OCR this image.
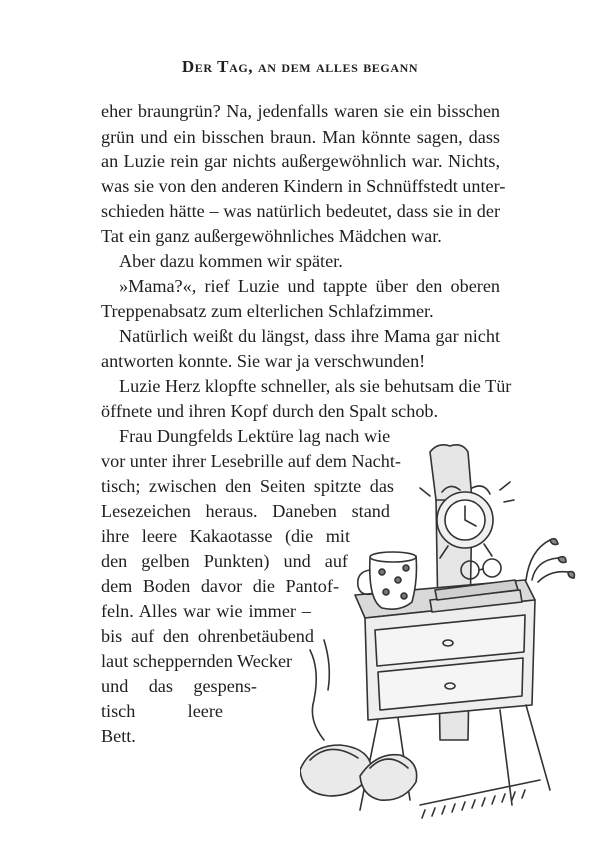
Der Tag, an dem alles begann
eher braungrün? Na, jedenfalls waren sie ein bisschen
grün und ein bisschen braun. Man könnte sagen, dass
an Luzie rein gar nichts außergewöhnlich war. Nichts,
was sie von den anderen Kindern in Schnüffstedt unter-
schieden hätte – was natürlich bedeutet, dass sie in der
Tat ein ganz außergewöhnliches Mädchen war.
Aber dazu kommen wir später.
»Mama?«, rief Luzie und tappte über den oberen
Treppenabsatz zum elterlichen Schlafzimmer.
Natürlich weißt du längst, dass ihre Mama gar nicht
antworten konnte. Sie war ja verschwunden!
Luzie Herz klopfte schneller, als sie behutsam die Tür
öffnete und ihren Kopf durch den Spalt schob.
Frau Dungfelds Lektüre lag nach wie
vor unter ihrer Lesebrille auf dem Nacht-
tisch; zwischen den Seiten spitzte das
Lesezeichen heraus. Daneben stand
ihre leere Kakaotasse (die mit
den gelben Punkten) und auf
dem Boden davor die Pantof-
feln. Alles war wie immer –
bis auf den ohrenbetäubend
laut scheppernden Wecker
und das gespens-
tisch leere
Bett.
